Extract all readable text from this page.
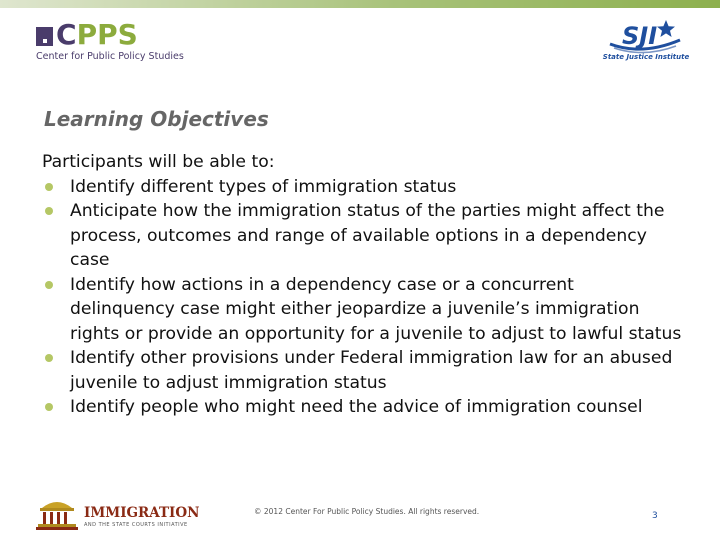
CPPS
Center for Public Policy Studies
SJI
State Justice Institute
Learning Objectives

Participants will be able to:

Identify different types of immigration status
Anticipate how the immigration status of the parties might affect the process, outcomes and range of available options in a dependency case
Identify how actions in a dependency case or a concurrent delinquency case might either jeopardize a juvenile’s immigration rights or provide an opportunity for a juvenile to adjust to lawful status
Identify other provisions under Federal immigration law for an abused juvenile to adjust immigration status
Identify people who might need the advice of immigration counsel
IMMIGRATION
AND THE STATE COURTS INITIATIVE
© 2012 Center For Public Policy Studies. All rights reserved.	3
